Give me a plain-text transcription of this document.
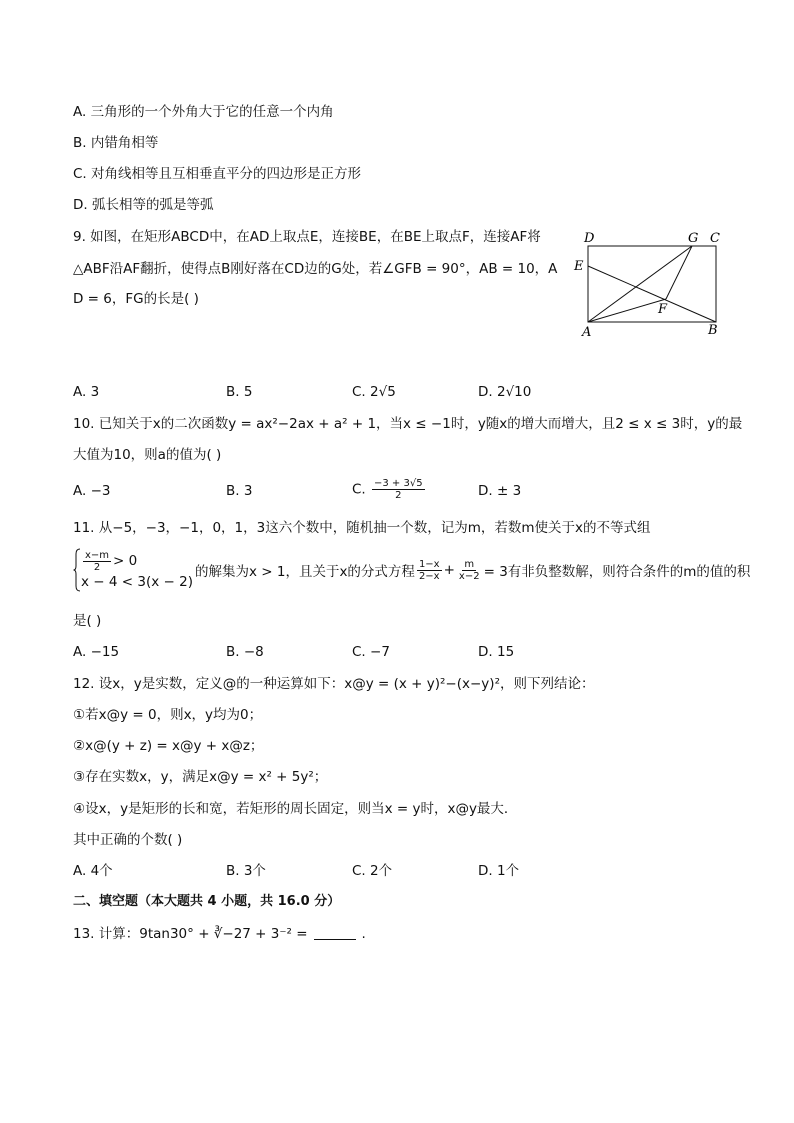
A. 三角形的一个外角大于它的任意一个内角
B. 内错角相等
C. 对角线相等且互相垂直平分的四边形是正方形
D. 弧长相等的弧是等弧
9. 如图，在矩形ABCD中，在AD上取点E，连接BE，在BE上取点F，连接AF将
△ABF沿AF翻折，使得点B刚好落在CD边的G处，若∠GFB = 90°，AB = 10，A
D = 6，FG的长是( )
D	G C
E
F
A	B
A. 3	B. 5	C. 2√5	D. 2√10
10. 已知关于x的二次函数y = ax²−2ax + a² + 1，当x ≤ −1时，y随x的增大而增大，且2 ≤ x ≤ 3时，y的最
大值为10，则a的值为( )
A. −3	B. 3	C. $\frac{-3 + 3√5}{2}$	D. ± 3
11. 从−5，−3，−1，0，1，3这六个数中，随机抽一个数，记为m，若数m使关于x的不等式组
$\frac{x-m}{2} > 0$
x − 4 < 3(x − 2)
的解集为x > 1，且关于x的分式方程 $\frac{1-x}{2-x} + \frac{m}{x-2} = 3$有非负整数解，则符合条件的m的值的积
是( )
A. −15	B. −8	C. −7	D. 15
12. 设x，y是实数，定义@的一种运算如下：x@y = (x + y)²−(x−y)²，则下列结论：
①若x@y = 0，则x，y均为0；
②x@(y + z) = x@y + x@z；
③存在实数x，y，满足x@y = x² + 5y²；
④设x，y是矩形的长和宽，若矩形的周长固定，则当x = y时，x@y最大．
其中正确的个数( )
A. 4个	B. 3个	C. 2个	D. 1个
二、填空题（本大题共 4 小题，共 16.0 分）
13. 计算：9tan30° + ∛−27 + 3⁻² =	.
